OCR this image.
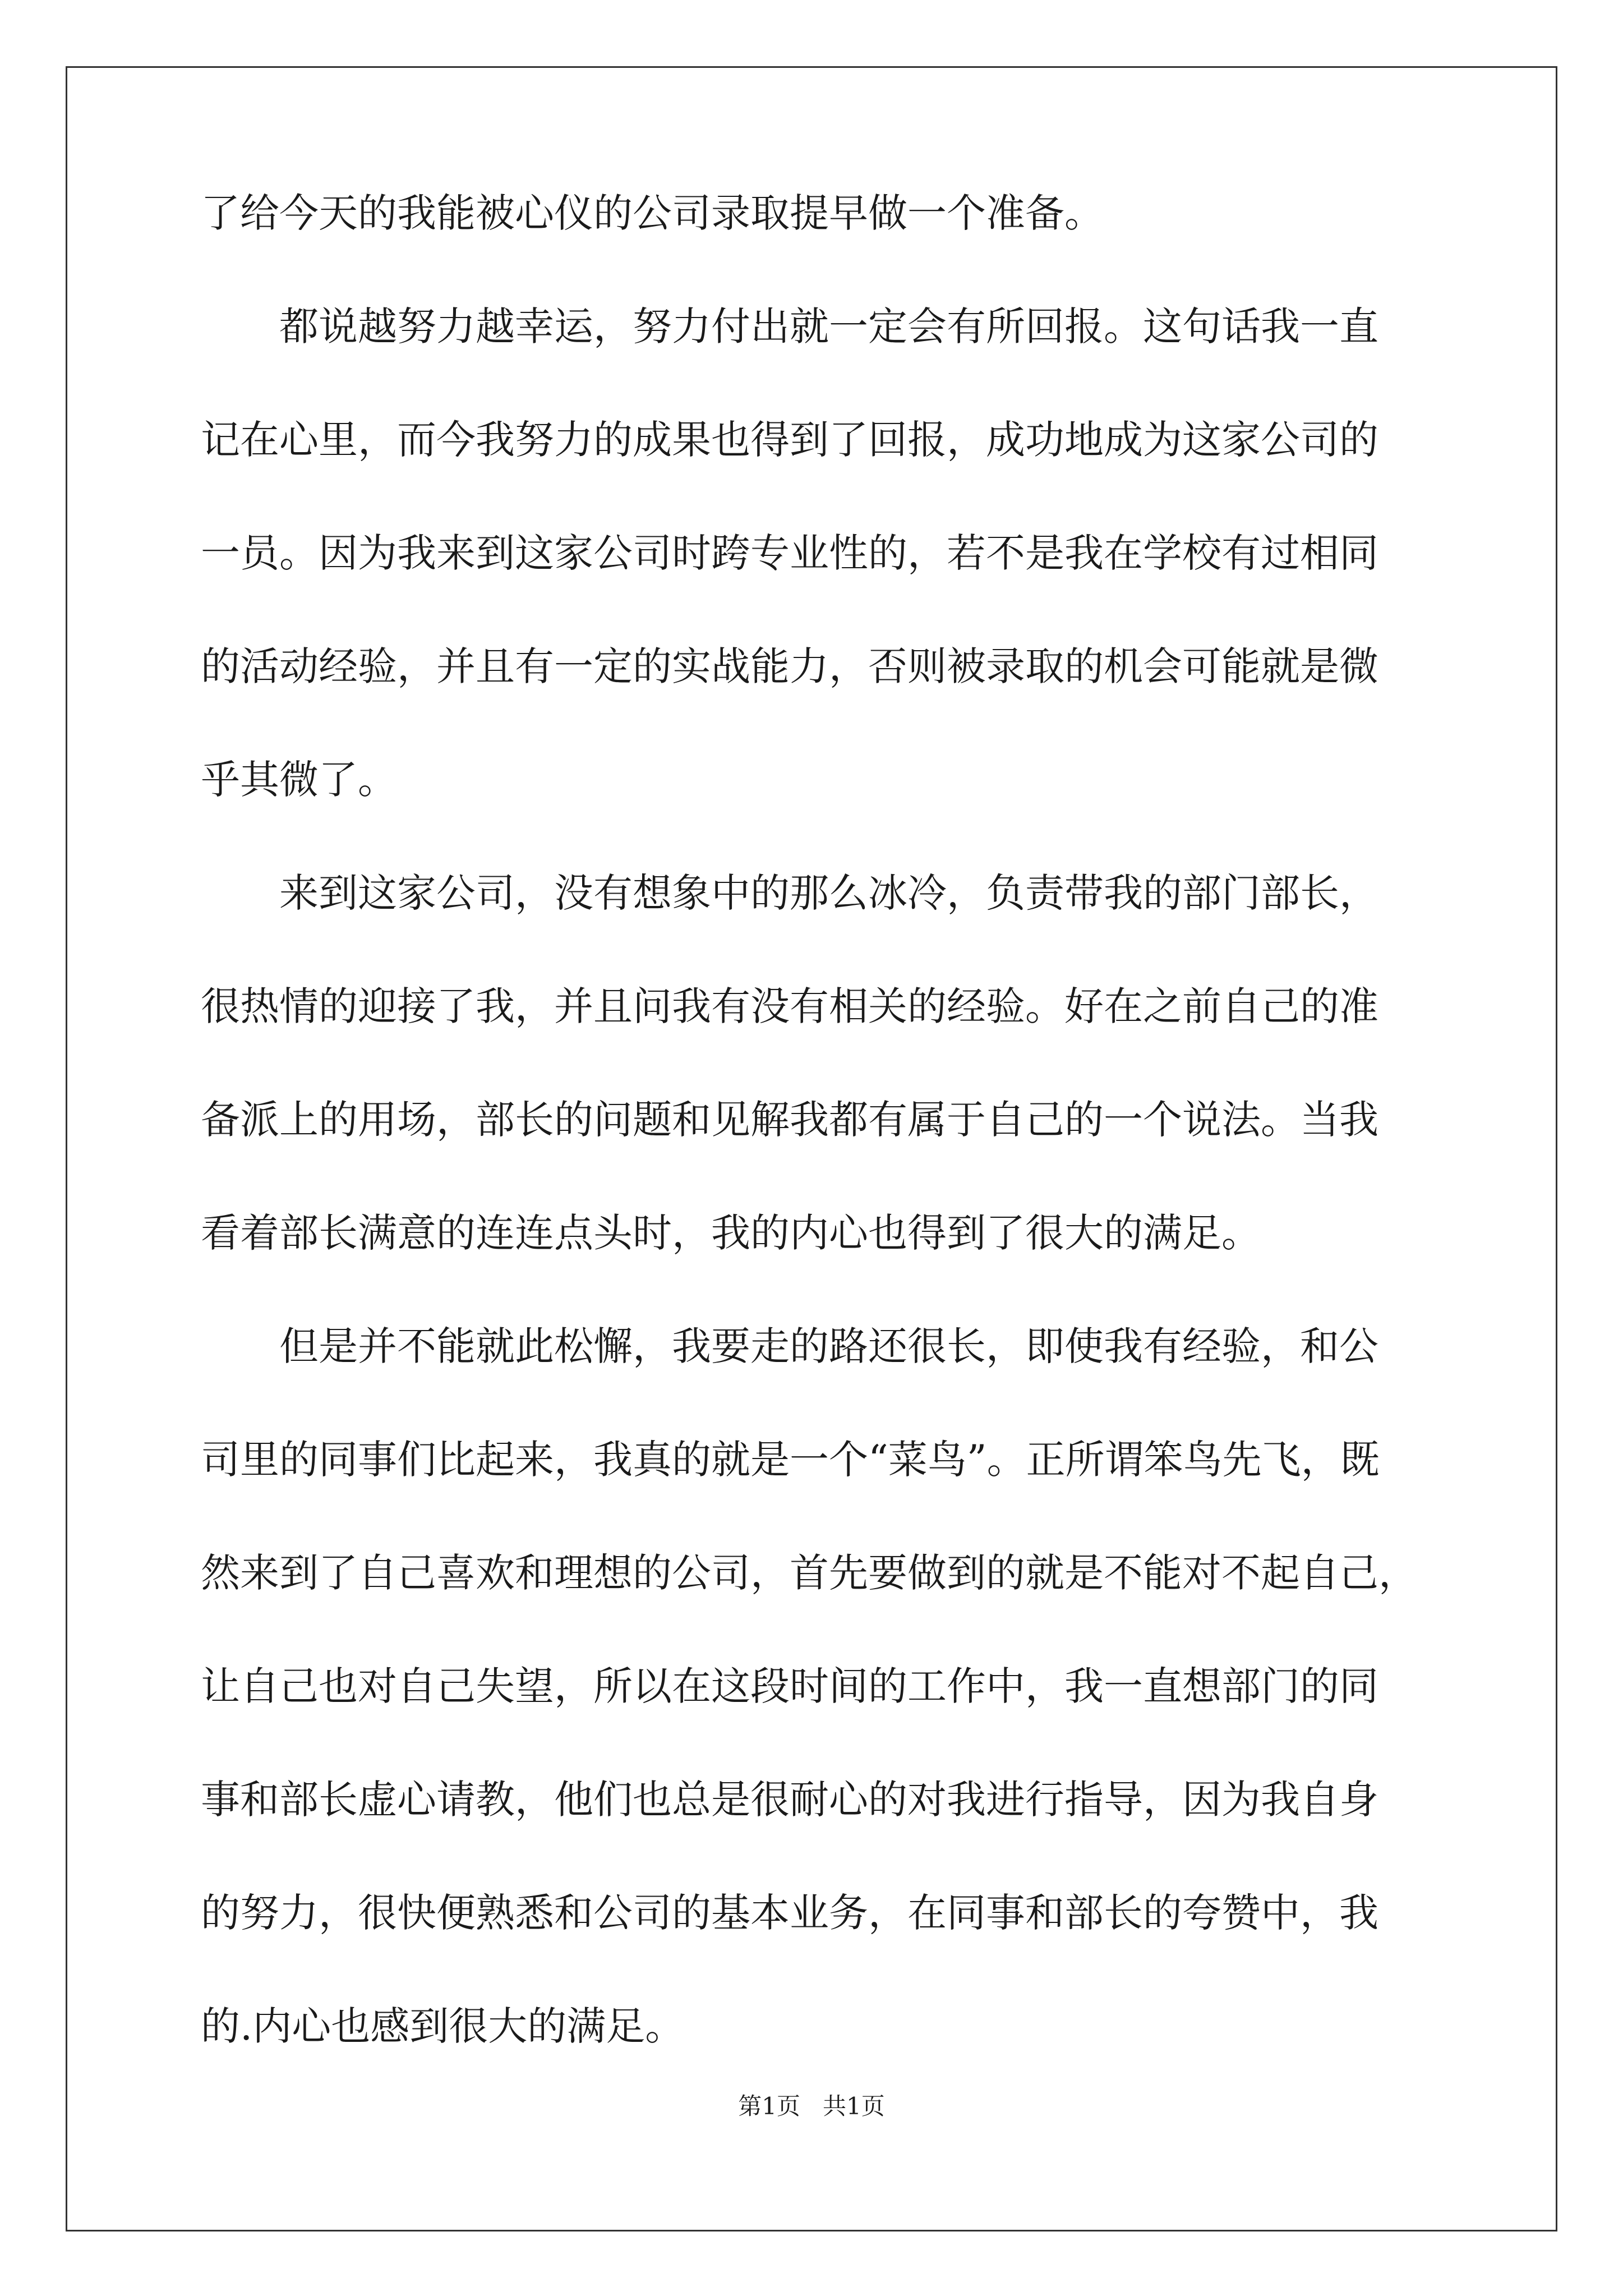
了给今天的我能被心仪的公司录取提早做一个准备。
都说越努力越幸运，努力付出就一定会有所回报。这句话我一直
记在心里，而今我努力的成果也得到了回报，成功地成为这家公司的
一员。因为我来到这家公司时跨专业性的，若不是我在学校有过相同
的活动经验，并且有一定的实战能力，否则被录取的机会可能就是微
乎其微了。
来到这家公司，没有想象中的那么冰冷，负责带我的部门部长，
很热情的迎接了我，并且问我有没有相关的经验。好在之前自己的准
备派上的用场，部长的问题和见解我都有属于自己的一个说法。当我
看着部长满意的连连点头时，我的内心也得到了很大的满足。
但是并不能就此松懈，我要走的路还很长，即使我有经验，和公
司里的同事们比起来，我真的就是一个“菜鸟”。正所谓笨鸟先飞，既
然来到了自己喜欢和理想的公司，首先要做到的就是不能对不起自己，
让自己也对自己失望，所以在这段时间的工作中，我一直想部门的同
事和部长虚心请教，他们也总是很耐心的对我进行指导，因为我自身
的努力，很快便熟悉和公司的基本业务，在同事和部长的夸赞中，我
的.内心也感到很大的满足。
第1页   共1页
